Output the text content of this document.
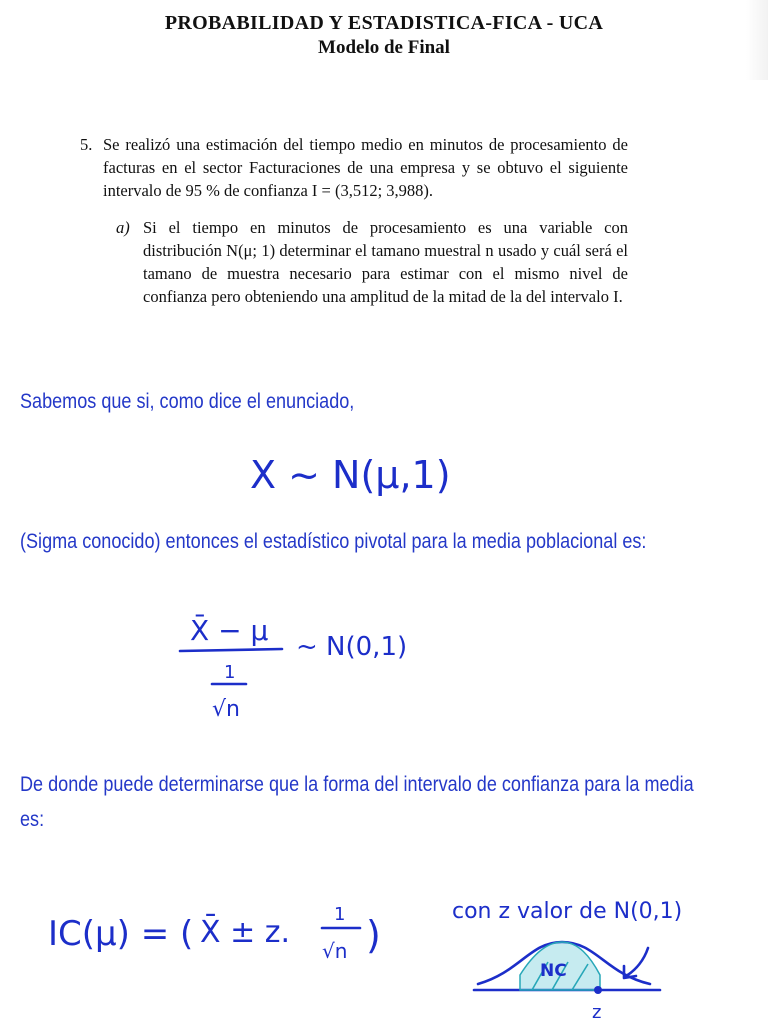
PROBABILIDAD Y ESTADISTICA-FICA - UCA
Modelo de Final
5. Se realizó una estimación del tiempo medio en minutos de procesamiento de facturas en el sector Facturaciones de una empresa y se obtuvo el siguiente intervalo de 95 % de confianza I = (3,512; 3,988).
a) Si el tiempo en minutos de procesamiento es una variable con distribución N(μ; 1) determinar el tamano muestral n usado y cuál será el tamano de muestra necesario para estimar con el mismo nivel de confianza pero obteniendo una amplitud de la mitad de la del intervalo I.
Sabemos que si, como dice el enunciado,
(Sigma conocido) entonces el estadístico pivotal para la media poblacional es:
De donde puede determinarse que la forma del intervalo de confianza para la media
es:
X ~ N(μ,1)
X̄ − μ ~ N(0,1)
1
√n
IC(μ) = ( X̄ ± z.
1
√n )
con z valor de N(0,1)
NC
z
